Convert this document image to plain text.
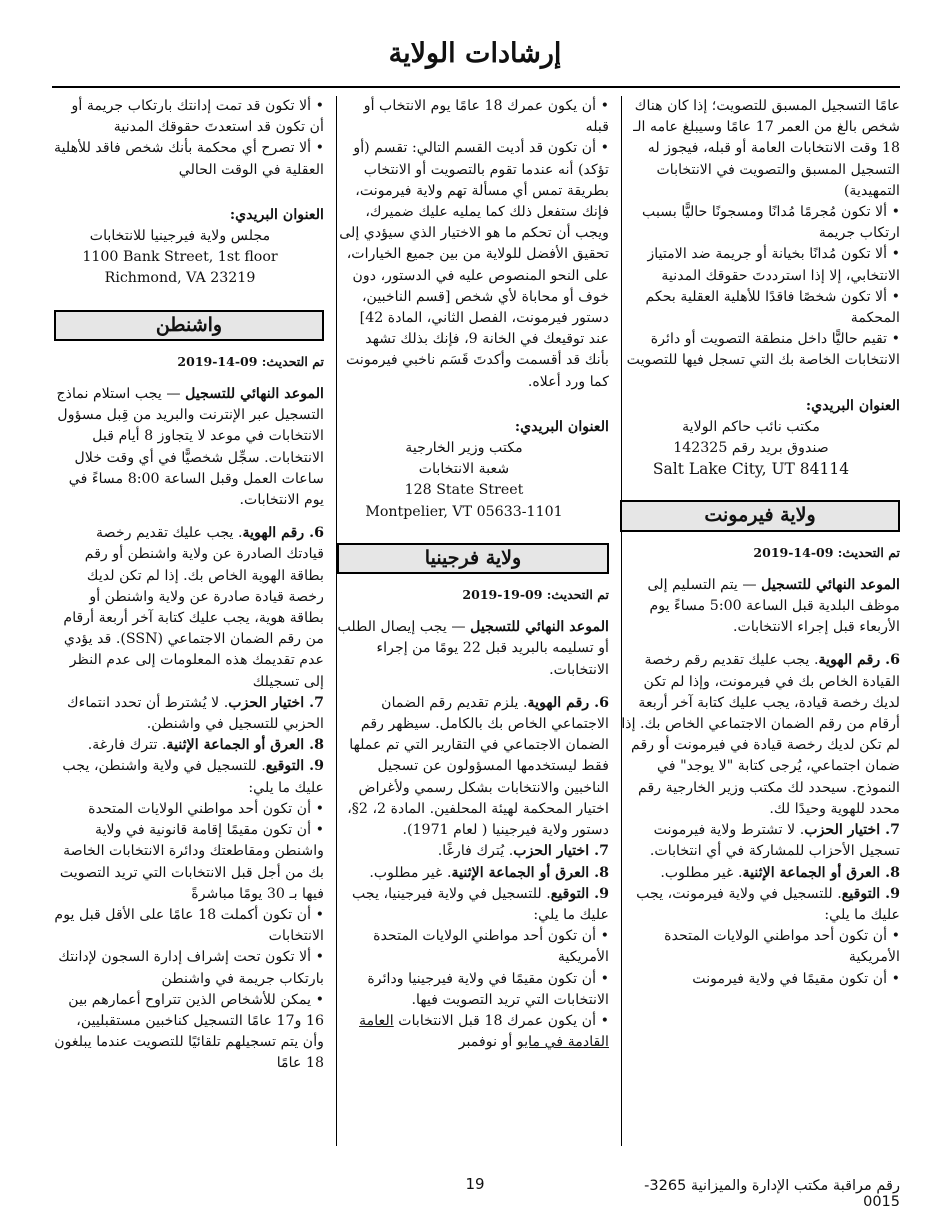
إرشادات الولاية

عامًا التسجيل المسبق للتصويت؛ إذا كان هناك شخص بالغ من العمر 17 عامًا وسيبلغ عامه الـ 18 وقت الانتخابات العامة أو قبله، فيجوز له التسجيل المسبق والتصويت في الانتخابات التمهيدية)

• ألا تكون مُجرمًا مُدانًا ومسجونًا حاليًّا بسبب ارتكاب جريمة

• ألا تكون مُدانًا بخيانة أو جريمة ضد الامتياز الانتخابي، إلا إذا استرددتَ حقوقك المدنية

• ألا تكون شخصًا فاقدًا للأهلية العقلية بحكم المحكمة

• تقيم حاليًّا داخل منطقة التصويت أو دائرة الانتخابات الخاصة بك التي تسجل فيها للتصويت

العنوان البريدي:

مكتب نائب حاكم الولاية

صندوق بريد رقم 142325

Salt Lake City, UT 84114

ولاية فيرمونت

تم التحديث: 09-14-2019

الموعد النهائي للتسجيل — يتم التسليم إلى موظف البلدية قبل الساعة 5:00 مساءً يوم الأربعاء قبل إجراء الانتخابات.

6. رقم الهوية. يجب عليك تقديم رقم رخصة القيادة الخاص بك في فيرمونت، وإذا لم تكن لديك رخصة قيادة، يجب عليك كتابة آخر أربعة أرقام من رقم الضمان الاجتماعي الخاص بك. إذا لم تكن لديك رخصة قيادة في فيرمونت أو رقم ضمان اجتماعي، يُرجى كتابة "لا يوجد" في النموذج. سيحدد لك مكتب وزير الخارجية رقم محدد للهوية وحيدًا لك.

7. اختيار الحزب. لا تشترط ولاية فيرمونت تسجيل الأحزاب للمشاركة في أي انتخابات.

8. العرق أو الجماعة الإثنية. غير مطلوب.

9. التوقيع. للتسجيل في ولاية فيرمونت، يجب عليك ما يلي:

• أن تكون أحد مواطني الولايات المتحدة الأمريكية

• أن تكون مقيمًا في ولاية فيرمونت

• أن يكون عمرك 18 عامًا يوم الانتخاب أو قبله

• أن تكون قد أديت القسم التالي: تقسم (أو تؤكد) أنه عندما تقوم بالتصويت أو الانتخاب بطريقة تمس أي مسألة تهم ولاية فيرمونت، فإنك ستفعل ذلك كما يمليه عليك ضميرك، ويجب أن تحكم ما هو الاختيار الذي سيؤدي إلى تحقيق الأفضل للولاية من بين جميع الخيارات، على النحو المنصوص عليه في الدستور، دون خوف أو محاباة لأي شخص [قسم الناخبين، دستور فيرمونت، الفصل الثاني، المادة 42]

عند توقيعك في الخانة 9، فإنك بذلك تشهد بأنك قد أقسمت وأكدتَ قَسَم ناخبي فيرمونت كما ورد أعلاه.

العنوان البريدي:

مكتب وزير الخارجية

شعبة الانتخابات

128 State Street

Montpelier, VT 05633-1101

ولاية فرجينيا

تم التحديث: 09-19-2019

الموعد النهائي للتسجيل — يجب إيصال الطلب أو تسليمه بالبريد قبل 22 يومًا من إجراء الانتخابات.

6. رقم الهوية. يلزم تقديم رقم الضمان الاجتماعي الخاص بك بالكامل. سيظهر رقم الضمان الاجتماعي في التقارير التي تم عملها فقط ليستخدمها المسؤولون عن تسجيل الناخبين والانتخابات بشكل رسمي ولأغراض اختيار المحكمة لهيئة المحلفين. المادة 2، 2§، دستور ولاية فيرجينيا ( لعام 1971).

7. اختيار الحزب. يُترك فارغًا.

8. العرق أو الجماعة الإثنية. غير مطلوب.

9. التوقيع. للتسجيل في ولاية فيرجينيا، يجب عليك ما يلي:

• أن تكون أحد مواطني الولايات المتحدة الأمريكية

• أن تكون مقيمًا في ولاية فيرجينيا ودائرة الانتخابات التي تريد التصويت فيها.

• أن يكون عمرك 18 قبل الانتخابات العامة القادمة في مايو أو نوفمبر

• ألا تكون قد تمت إدانتك بارتكاب جريمة أو أن تكون قد استعدتَ حقوقك المدنية

• ألا تصرح أي محكمة بأنك شخص فاقد للأهلية العقلية في الوقت الحالي

العنوان البريدي:

مجلس ولاية فيرجينيا للانتخابات

1100 Bank Street, 1st floor

Richmond, VA 23219

واشنطن

تم التحديث: 09-14-2019

الموعد النهائي للتسجيل — يجب استلام نماذج التسجيل عبر الإنترنت والبريد من قِبل مسؤول الانتخابات في موعد لا يتجاوز 8 أيام قبل الانتخابات. سجِّل شخصيًّا في أي وقت خلال ساعات العمل وقبل الساعة 8:00 مساءً في يوم الانتخابات.

6. رقم الهوية. يجب عليك تقديم رخصة قيادتك الصادرة عن ولاية واشنطن أو رقم بطاقة الهوية الخاص بك. إذا لم تكن لديك رخصة قيادة صادرة عن ولاية واشنطن أو بطاقة هوية، يجب عليك كتابة آخر أربعة أرقام من رقم الضمان الاجتماعي (SSN). قد يؤدي عدم تقديمك هذه المعلومات إلى عدم النظر إلى تسجيلك

7. اختيار الحزب. لا يُشترط أن تحدد انتماءك الحزبي للتسجيل في واشنطن.

8. العرق أو الجماعة الإثنية. تترك فارغة.

9. التوقيع. للتسجيل في ولاية واشنطن، يجب عليك ما يلي:

• أن تكون أحد مواطني الولايات المتحدة

• أن تكون مقيمًا إقامة قانونية في ولاية واشنطن ومقاطعتك ودائرة الانتخابات الخاصة بك من أجل قبل الانتخابات التي تريد التصويت فيها بـ 30 يومًا مباشرةً

• أن تكون أكملت 18 عامًا على الأقل قبل يوم الانتخابات

• ألا تكون تحت إشراف إدارة السجون لإدانتك بارتكاب جريمة في واشنطن

• يمكن للأشخاص الذين تتراوح أعمارهم بين 16 و17 عامًا التسجيل كناخبين مستقبليين، وأن يتم تسجيلهم تلقائيًا للتصويت عندما يبلغون 18 عامًا

19	رقم مراقبة مكتب الإدارة والميزانية 3265-0015
